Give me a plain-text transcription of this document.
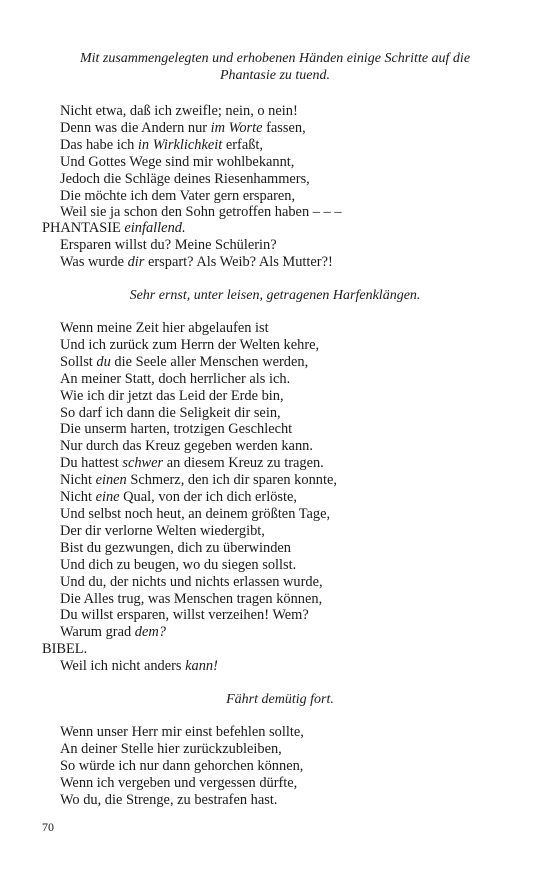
Mit zusammengelegten und erhobenen Händen einige Schritte auf die
Phantasie zu tuend.
Nicht etwa, daß ich zweifle; nein, o nein!
Denn was die Andern nur im Worte fassen,
Das habe ich in Wirklichkeit erfaßt,
Und Gottes Wege sind mir wohlbekannt,
Jedoch die Schläge deines Riesenhammers,
Die möchte ich dem Vater gern ersparen,
Weil sie ja schon den Sohn getroffen haben – – –
PHANTASIE einfallend.
Ersparen willst du? Meine Schülerin?
Was wurde dir erspart? Als Weib? Als Mutter?!
Sehr ernst, unter leisen, getragenen Harfenklängen.
Wenn meine Zeit hier abgelaufen ist
Und ich zurück zum Herrn der Welten kehre,
Sollst du die Seele aller Menschen werden,
An meiner Statt, doch herrlicher als ich.
Wie ich dir jetzt das Leid der Erde bin,
So darf ich dann die Seligkeit dir sein,
Die unserm harten, trotzigen Geschlecht
Nur durch das Kreuz gegeben werden kann.
Du hattest schwer an diesem Kreuz zu tragen.
Nicht einen Schmerz, den ich dir sparen konnte,
Nicht eine Qual, von der ich dich erlöste,
Und selbst noch heut, an deinem größten Tage,
Der dir verlorne Welten wiedergibt,
Bist du gezwungen, dich zu überwinden
Und dich zu beugen, wo du siegen sollst.
Und du, der nichts und nichts erlassen wurde,
Die Alles trug, was Menschen tragen können,
Du willst ersparen, willst verzeihen! Wem?
Warum grad dem?
BIBEL.
Weil ich nicht anders kann!
Fährt demütig fort.
Wenn unser Herr mir einst befehlen sollte,
An deiner Stelle hier zurückzubleiben,
So würde ich nur dann gehorchen können,
Wenn ich vergeben und vergessen dürfte,
Wo du, die Strenge, zu bestrafen hast.
70
